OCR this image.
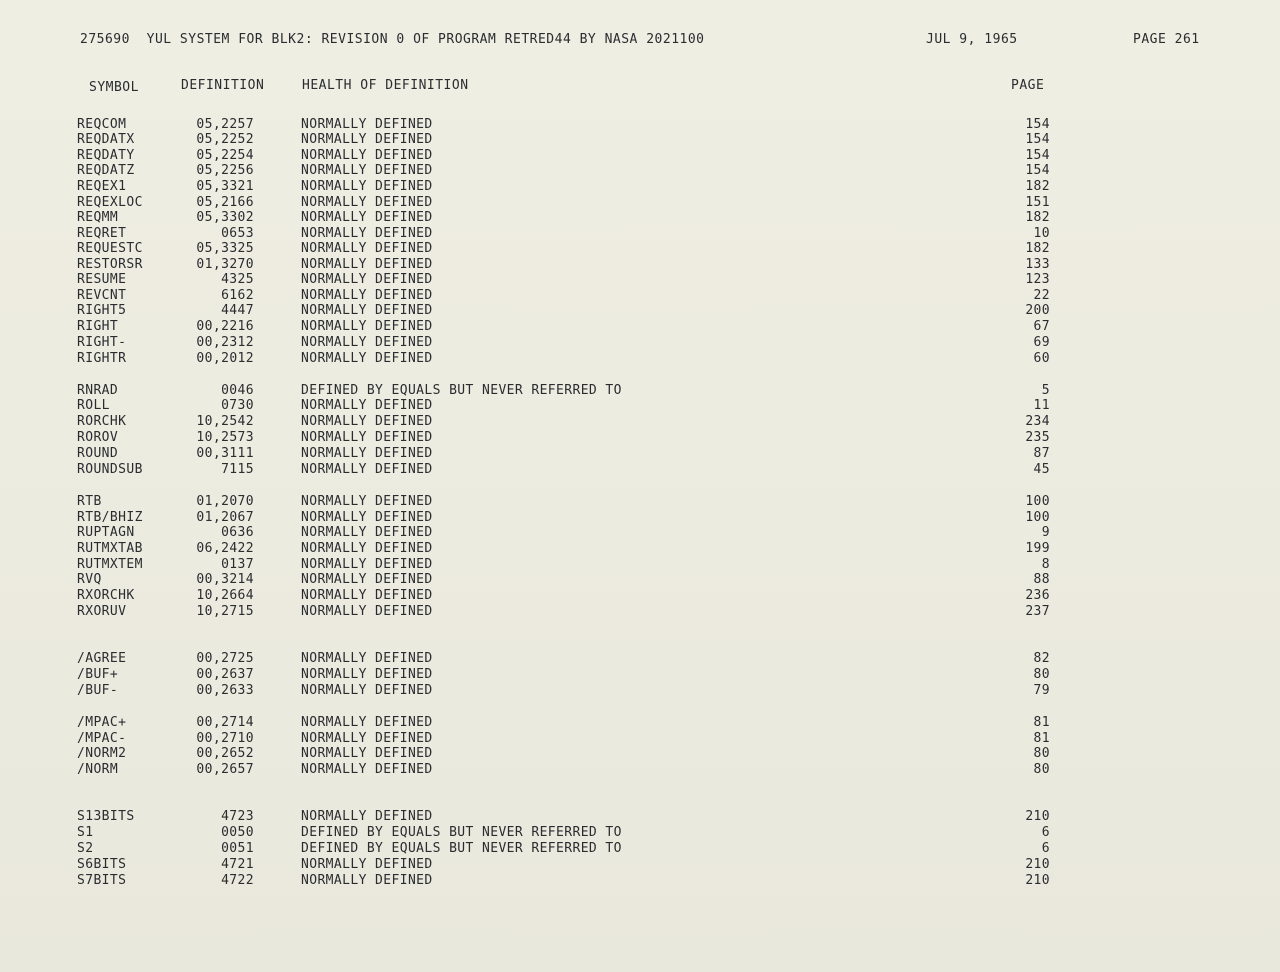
275690  YUL SYSTEM FOR BLK2: REVISION 0 OF PROGRAM RETRED44 BY NASA 2021100	JUL 9, 1965	PAGE 261
SYMBOL	DEFINITION	HEALTH OF DEFINITION	PAGE
REQCOM	05,2257	NORMALLY DEFINED	154
REQDATX	05,2252	NORMALLY DEFINED	154
REQDATY	05,2254	NORMALLY DEFINED	154
REQDATZ	05,2256	NORMALLY DEFINED	154
REQEX1	05,3321	NORMALLY DEFINED	182
REQEXLOC	05,2166	NORMALLY DEFINED	151
REQMM	05,3302	NORMALLY DEFINED	182
REQRET	0653	NORMALLY DEFINED	10
REQUESTC	05,3325	NORMALLY DEFINED	182
RESTORSR	01,3270	NORMALLY DEFINED	133
RESUME	4325	NORMALLY DEFINED	123
REVCNT	6162	NORMALLY DEFINED	22
RIGHT5	4447	NORMALLY DEFINED	200
RIGHT	00,2216	NORMALLY DEFINED	67
RIGHT-	00,2312	NORMALLY DEFINED	69
RIGHTR	00,2012	NORMALLY DEFINED	60
RNRAD	0046	DEFINED BY EQUALS BUT NEVER REFERRED TO	5
ROLL	0730	NORMALLY DEFINED	11
RORCHK	10,2542	NORMALLY DEFINED	234
ROROV	10,2573	NORMALLY DEFINED	235
ROUND	00,3111	NORMALLY DEFINED	87
ROUNDSUB	7115	NORMALLY DEFINED	45
RTB	01,2070	NORMALLY DEFINED	100
RTB/BHIZ	01,2067	NORMALLY DEFINED	100
RUPTAGN	0636	NORMALLY DEFINED	9
RUTMXTAB	06,2422	NORMALLY DEFINED	199
RUTMXTEM	0137	NORMALLY DEFINED	8
RVQ	00,3214	NORMALLY DEFINED	88
RXORCHK	10,2664	NORMALLY DEFINED	236
RXORUV	10,2715	NORMALLY DEFINED	237
/AGREE	00,2725	NORMALLY DEFINED	82
/BUF+	00,2637	NORMALLY DEFINED	80
/BUF-	00,2633	NORMALLY DEFINED	79
/MPAC+	00,2714	NORMALLY DEFINED	81
/MPAC-	00,2710	NORMALLY DEFINED	81
/NORM2	00,2652	NORMALLY DEFINED	80
/NORM	00,2657	NORMALLY DEFINED	80
S13BITS	4723	NORMALLY DEFINED	210
S1	0050	DEFINED BY EQUALS BUT NEVER REFERRED TO	6
S2	0051	DEFINED BY EQUALS BUT NEVER REFERRED TO	6
S6BITS	4721	NORMALLY DEFINED	210
S7BITS	4722	NORMALLY DEFINED	210
